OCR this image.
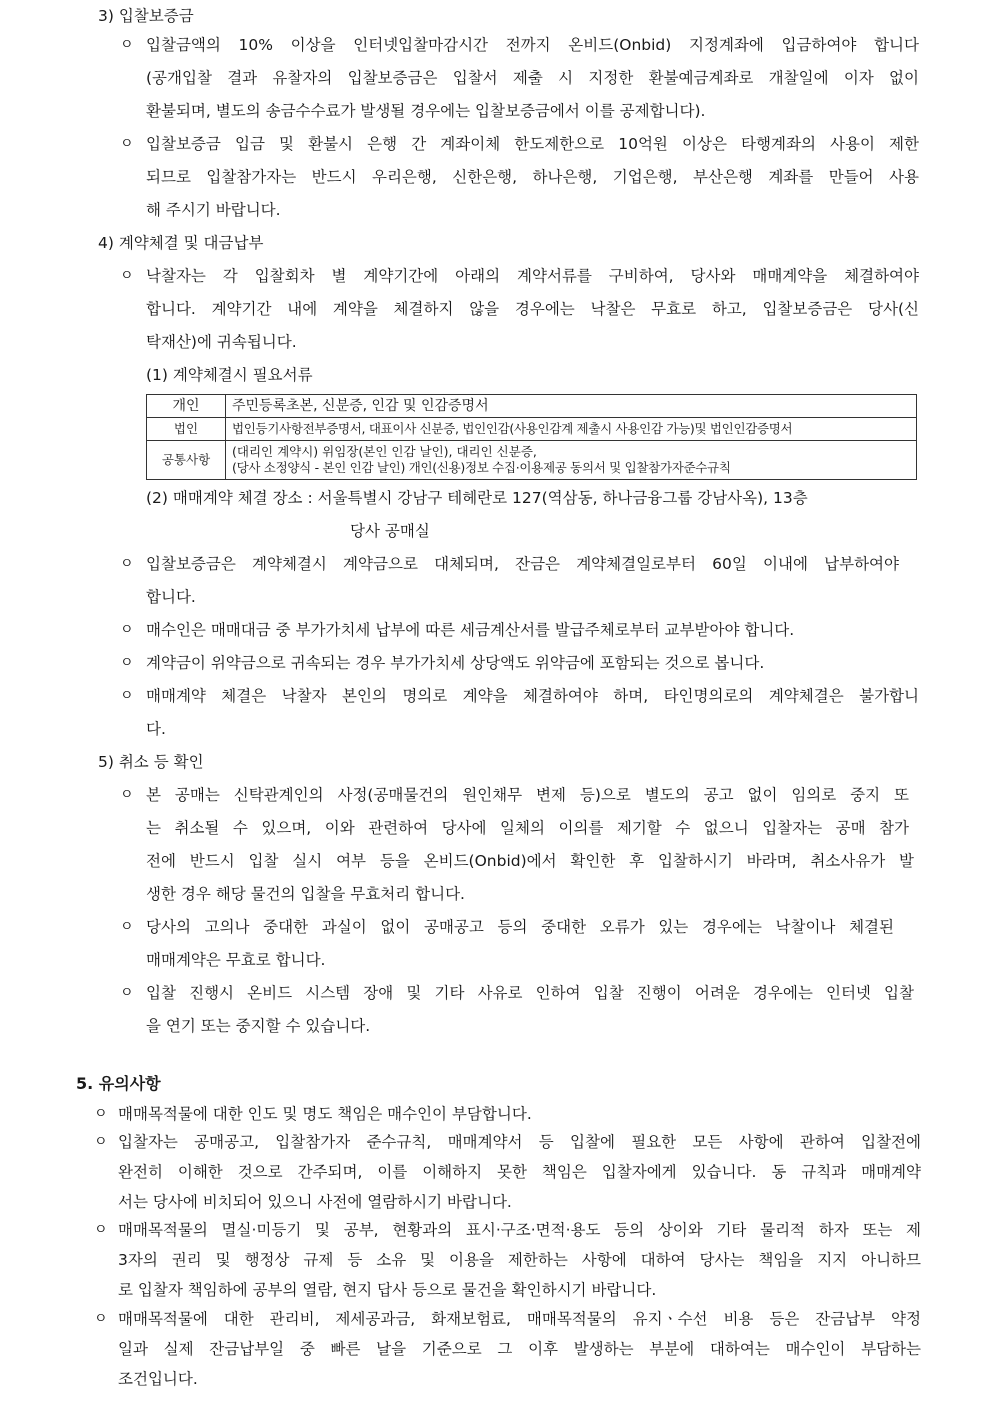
3) 입찰보증금

ㅇ 입찰금액의 10% 이상을 인터넷입찰마감시간 전까지 온비드(Onbid) 지정계좌에 입금하여야 합니다

(공개입찰 결과 유찰자의 입찰보증금은 입찰서 제출 시 지정한 환불예금계좌로 개찰일에 이자 없이

환불되며, 별도의 송금수수료가 발생될 경우에는 입찰보증금에서 이를 공제합니다).

ㅇ 입찰보증금 입금 및 환불시 은행 간 계좌이체 한도제한으로 10억원 이상은 타행계좌의 사용이 제한

되므로 입찰참가자는 반드시 우리은행, 신한은행, 하나은행, 기업은행, 부산은행 계좌를 만들어 사용

해 주시기 바랍니다.

4) 계약체결 및 대금납부

ㅇ 낙찰자는 각 입찰회차 별 계약기간에 아래의 계약서류를 구비하여, 당사와 매매계약을 체결하여야

합니다. 계약기간 내에 계약을 체결하지 않을 경우에는 낙찰은 무효로 하고, 입찰보증금은 당사(신

탁재산)에 귀속됩니다.

(1) 계약체결시 필요서류

개인	주민등록초본, 신분증, 인감 및 인감증명서
법인	법인등기사항전부증명서, 대표이사 신분증, 법인인감(사용인감계 제출시 사용인감 가능)및 법인인감증명서
공통사항	(대리인 계약시) 위임장(본인 인감 날인), 대리인 신분증,
(당사 소정양식 - 본인 인감 날인) 개인(신용)정보 수집·이용제공 동의서 및 입찰참가자준수규칙

(2) 매매계약 체결 장소 : 서울특별시 강남구 테헤란로 127(역삼동, 하나금융그룹 강남사옥), 13층

당사 공매실

ㅇ 입찰보증금은 계약체결시 계약금으로 대체되며, 잔금은 계약체결일로부터 60일 이내에 납부하여야

합니다.

ㅇ 매수인은 매매대금 중 부가가치세 납부에 따른 세금계산서를 발급주체로부터 교부받아야 합니다.

ㅇ 계약금이 위약금으로 귀속되는 경우 부가가치세 상당액도 위약금에 포함되는 것으로 봅니다.

ㅇ 매매계약 체결은 낙찰자 본인의 명의로 계약을 체결하여야 하며, 타인명의로의 계약체결은 불가합니

다.

5) 취소 등 확인

ㅇ 본 공매는 신탁관계인의 사정(공매물건의 원인채무 변제 등)으로 별도의 공고 없이 임의로 중지 또

는 취소될 수 있으며, 이와 관련하여 당사에 일체의 이의를 제기할 수 없으니 입찰자는 공매 참가

전에 반드시 입찰 실시 여부 등을 온비드(Onbid)에서 확인한 후 입찰하시기 바라며, 취소사유가 발

생한 경우 해당 물건의 입찰을 무효처리 합니다.

ㅇ 당사의 고의나 중대한 과실이 없이 공매공고 등의 중대한 오류가 있는 경우에는 낙찰이나 체결된

매매계약은 무효로 합니다.

ㅇ 입찰 진행시 온비드 시스템 장애 및 기타 사유로 인하여 입찰 진행이 어려운 경우에는 인터넷 입찰

을 연기 또는 중지할 수 있습니다.

5. 유의사항

ㅇ 매매목적물에 대한 인도 및 명도 책임은 매수인이 부담합니다.

ㅇ 입찰자는 공매공고, 입찰참가자 준수규칙, 매매계약서 등 입찰에 필요한 모든 사항에 관하여 입찰전에

완전히 이해한 것으로 간주되며, 이를 이해하지 못한 책임은 입찰자에게 있습니다. 동 규칙과 매매계약

서는 당사에 비치되어 있으니 사전에 열람하시기 바랍니다.

ㅇ 매매목적물의 멸실·미등기 및 공부, 현황과의 표시·구조·면적·용도 등의 상이와 기타 물리적 하자 또는 제

3자의 권리 및 행정상 규제 등 소유 및 이용을 제한하는 사항에 대하여 당사는 책임을 지지 아니하므

로 입찰자 책임하에 공부의 열람, 현지 답사 등으로 물건을 확인하시기 바랍니다.

ㅇ 매매목적물에 대한 관리비, 제세공과금, 화재보험료, 매매목적물의 유지ㆍ수선 비용 등은 잔금납부 약정

일과 실제 잔금납부일 중 빠른 날을 기준으로 그 이후 발생하는 부분에 대하여는 매수인이 부담하는

조건입니다.
